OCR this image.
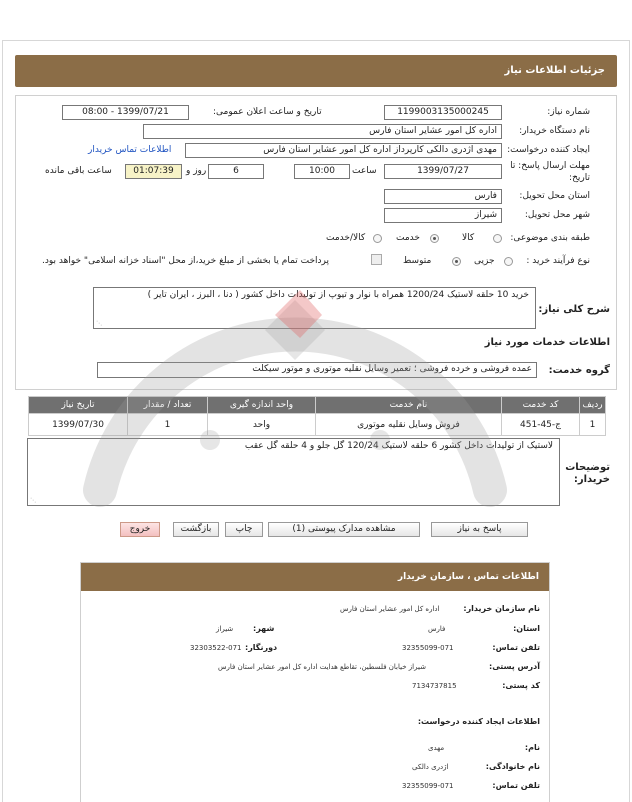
جزئیات اطلاعات نیاز
شماره نیاز:
1199003135000245
تاریخ و ساعت اعلان عمومی:
1399/07/21 - 08:00
نام دستگاه خریدار:
اداره کل امور عشایر استان فارس
ایجاد کننده درخواست:
مهدی اژدری دالکی کارپرداز اداره کل امور عشایر استان فارس
اطلاعات تماس خریدار
مهلت ارسال پاسخ: تا تاریخ:
1399/07/27
ساعت
10:00
6
روز و
01:07:39
ساعت باقی مانده
استان محل تحویل:
فارس
شهر محل تحویل:
شیراز
طبقه بندی موضوعی:
کالا
خدمت
کالا/خدمت
نوع فرآیند خرید :
جزیی
متوسط
پرداخت تمام یا بخشی از مبلغ خرید،از محل "اسناد خزانه اسلامی" خواهد بود.
شرح کلی نیاز:
خرید 10 حلقه لاستیک 1200/24 همراه با نوار و تیوپ از تولیدات داخل کشور ( دنا ، البرز ، ایران تایر )
⋰
اطلاعات خدمات مورد نیاز
گروه خدمت:
عمده فروشی و خرده فروشی ؛ تعمیر وسایل نقلیه موتوری و موتور سیکلت
ردیف	کد خدمت	نام خدمت	واحد اندازه گیری	تعداد / مقدار	تاریخ نیاز
1	ج-45-451	فروش وسایل نقلیه موتوری	واحد	1	1399/07/30
توضیحات خریدار:
لاستیک از تولیدات داخل کشور 6 حلقه لاستیک 120/24 گل جلو و 4 حلقه گل عقب
⋰
پاسخ به نیاز
مشاهده مدارک پیوستی (1)
چاپ
بازگشت
خروج
اطلاعات تماس ، سازمان خریدار
نام سازمان خریدار:
اداره کل امور عشایر استان فارس
استان:
فارس
شهر:
شیراز
تلفن تماس:
32355099-071
دورنگار:
32303522-071
آدرس پستی:
شیراز خیابان فلسطین، تقاطع هدایت اداره کل امور عشایر استان فارس
کد پستی:
7134737815
اطلاعات ایجاد کننده درخواست:
نام:
مهدی
نام خانوادگی:
اژدری دالکی
تلفن تماس:
32355099-071
